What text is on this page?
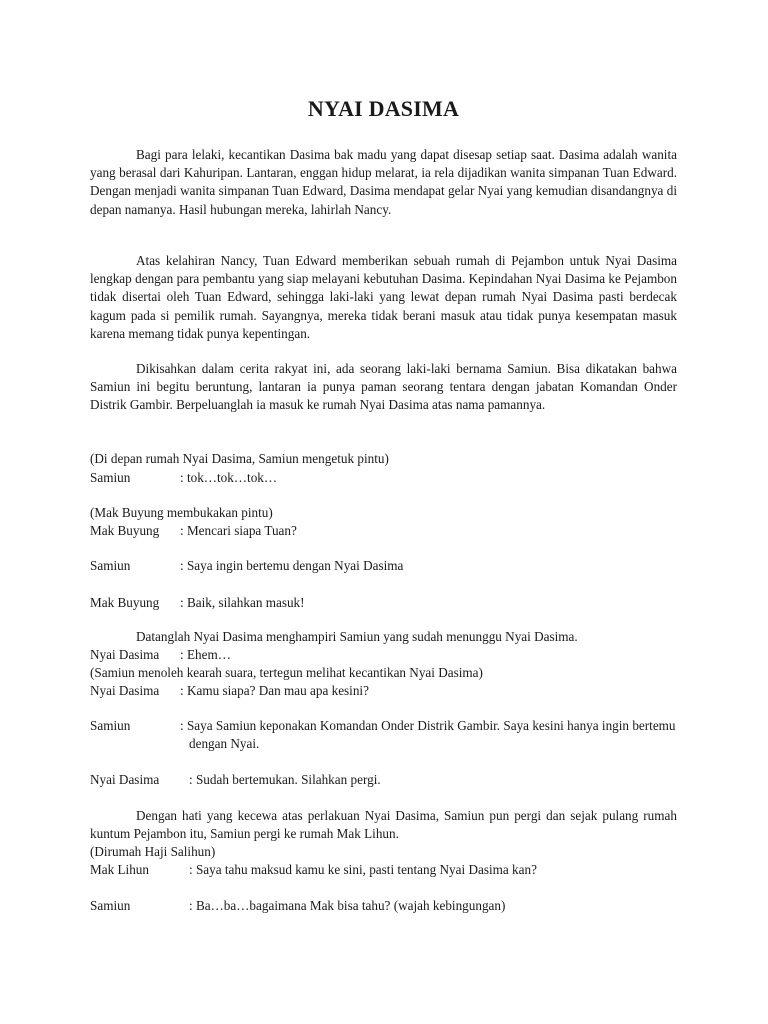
NYAI DASIMA

Bagi para lelaki, kecantikan Dasima bak madu yang dapat disesap setiap saat. Dasima adalah wanita yang berasal dari Kahuripan. Lantaran, enggan hidup melarat, ia rela dijadikan wanita simpanan Tuan Edward. Dengan menjadi wanita simpanan Tuan Edward, Dasima mendapat gelar Nyai yang kemudian disandangnya di depan namanya. Hasil hubungan mereka, lahirlah Nancy.

Atas kelahiran Nancy, Tuan Edward memberikan sebuah rumah di Pejambon untuk Nyai Dasima lengkap dengan para pembantu yang siap melayani kebutuhan Dasima. Kepindahan Nyai Dasima ke Pejambon tidak disertai oleh Tuan Edward, sehingga laki-laki yang lewat depan rumah Nyai Dasima pasti berdecak kagum pada si pemilik rumah. Sayangnya, mereka tidak berani masuk atau tidak punya kesempatan masuk karena memang tidak punya kepentingan.

Dikisahkan dalam cerita rakyat ini, ada seorang laki-laki bernama Samiun. Bisa dikatakan bahwa Samiun ini begitu beruntung, lantaran ia punya paman seorang tentara dengan jabatan Komandan Onder Distrik Gambir. Berpeluanglah ia masuk ke rumah Nyai Dasima atas nama pamannya.

(Di depan rumah Nyai Dasima, Samiun mengetuk pintu)

Samiun	: tok…tok…tok…

(Mak Buyung membukakan pintu)

Mak Buyung : Mencari siapa Tuan?
Samiun	: Saya ingin bertemu dengan Nyai Dasima
Mak Buyung : Baik, silahkan masuk!

Datanglah Nyai Dasima menghampiri Samiun yang sudah menunggu Nyai Dasima.

Nyai Dasima : Ehem…

(Samiun menoleh kearah suara, tertegun melihat kecantikan Nyai Dasima)

Nyai Dasima : Kamu siapa? Dan mau apa kesini?
Samiun	: Saya Samiun keponakan Komandan Onder Distrik Gambir. Saya kesini hanya ingin bertemu dengan Nyai.
Nyai Dasima : Sudah bertemukan. Silahkan pergi.

Dengan hati yang kecewa atas perlakuan Nyai Dasima, Samiun pun pergi dan sejak pulang rumah kuntum Pejambon itu, Samiun pergi ke rumah Mak Lihun.

(Dirumah Haji Salihun)

Mak Lihun	: Saya tahu maksud kamu ke sini, pasti tentang Nyai Dasima kan?
Samiun	: Ba…ba…bagaimana Mak bisa tahu? (wajah kebingungan)
